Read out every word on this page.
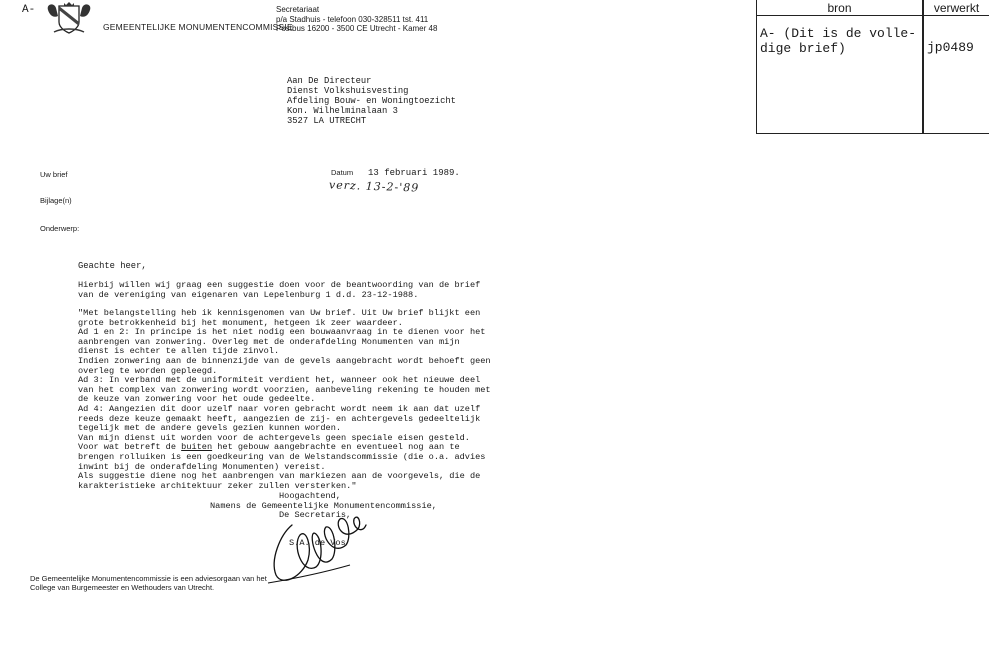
A-
GEMEENTELIJKE MONUMENTENCOMMISSIE
Secretariaat
p/a Stadhuis - telefoon 030-328511 tst. 411
Postbus 16200 - 3500 CE Utrecht - Kamer 48
bron	verwerkt
A- (Dit is de volle-
dige brief)	jp0489
Aan De Directeur
Dienst Volkshuisvesting
Afdeling Bouw- en Woningtoezicht
Kon. Wilhelminalaan 3
3527 LA UTRECHT
Uw brief	Datum 13 februari 1989.
verz. 13-2-'89
Bijlage(n)
Onderwerp:
Geachte heer,
Hierbij willen wij graag een suggestie doen voor de beantwoording van de brief
van de vereniging van eigenaren van Lepelenburg 1 d.d. 23-12-1988.
"Met belangstelling heb ik kennisgenomen van Uw brief. Uit Uw brief blijkt een
grote betrokkenheid bij het monument, hetgeen ik zeer waardeer.
Ad 1 en 2: In principe is het niet nodig een bouwaanvraag in te dienen voor het
aanbrengen van zonwering. Overleg met de onderafdeling Monumenten van mijn
dienst is echter te allen tijde zinvol.
Indien zonwering aan de binnenzijde van de gevels aangebracht wordt behoeft geen
overleg te worden gepleegd.
Ad 3: In verband met de uniformiteit verdient het, wanneer ook het nieuwe deel
van het complex van zonwering wordt voorzien, aanbeveling rekening te houden met
de keuze van zonwering voor het oude gedeelte.
Ad 4: Aangezien dit door uzelf naar voren gebracht wordt neem ik aan dat uzelf
reeds deze keuze gemaakt heeft, aangezien de zij- en achtergevels gedeeltelijk
tegelijk met de andere gevels gezien kunnen worden.
Van mijn dienst uit worden voor de achtergevels geen speciale eisen gesteld.
Voor wat betreft de buiten het gebouw aangebrachte en eventueel nog aan te
brengen rolluiken is een goedkeuring van de Welstandscommissie (die o.a. advies
inwint bij de onderafdeling Monumenten) vereist.
Als suggestie diene nog het aanbrengen van markiezen aan de voorgevels, die de
karakteristieke architektuur zeker zullen versterken."
Hoogachtend,
Namens de Gemeentelijke Monumentencommissie,
De Secretaris,
S.A. de Vos
De Gemeentelijke Monumentencommissie is een adviesorgaan van het
College van Burgemeester en Wethouders van Utrecht.
